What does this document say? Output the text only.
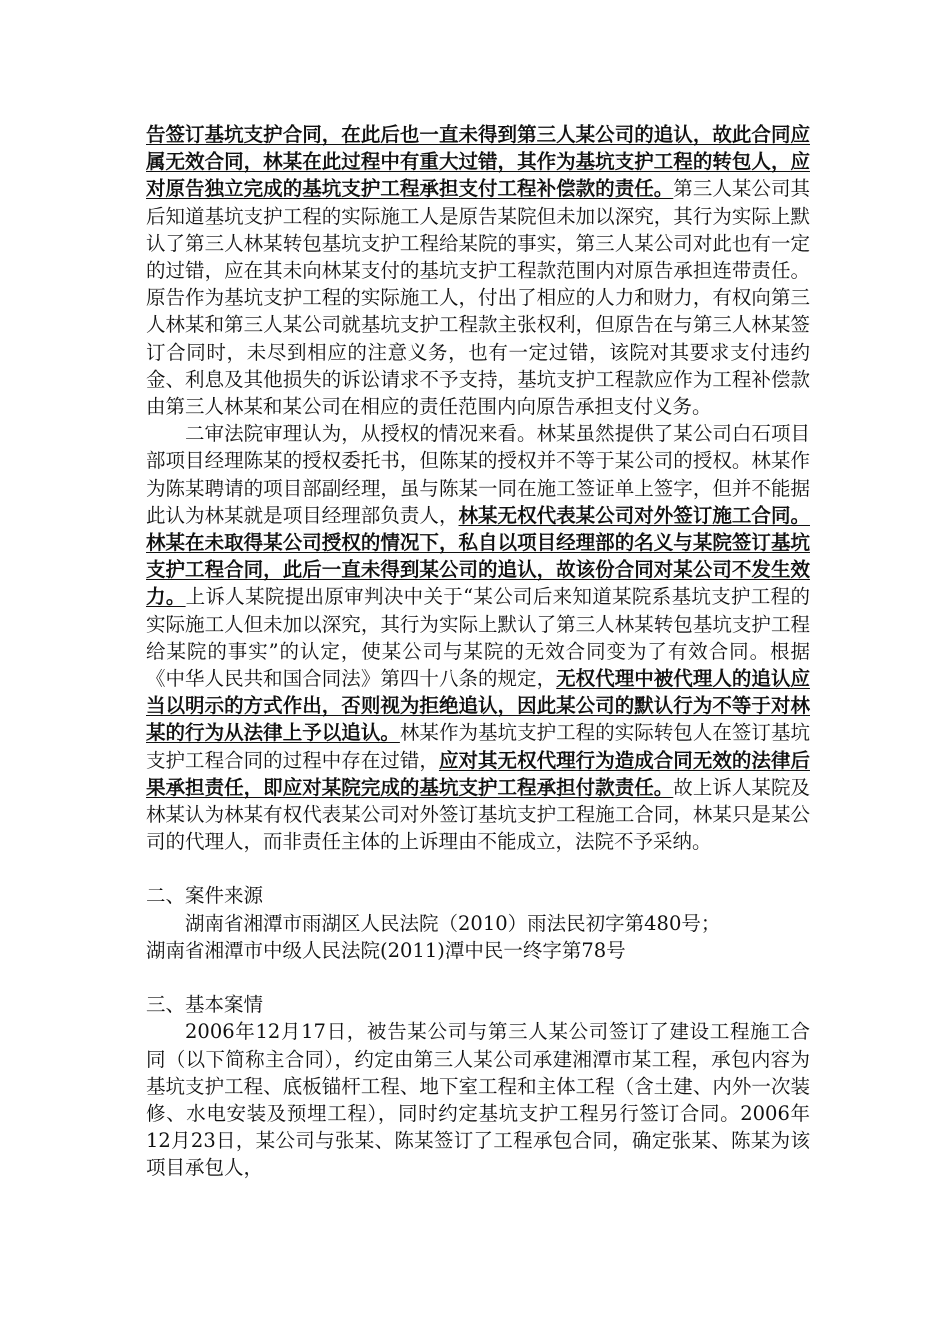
告签订基坑支护合同，在此后也一直未得到第三人某公司的追认，故此合同应属无效合同，林某在此过程中有重大过错，其作为基坑支护工程的转包人，应对原告独立完成的基坑支护工程承担支付工程补偿款的责任。第三人某公司其后知道基坑支护工程的实际施工人是原告某院但未加以深究，其行为实际上默认了第三人林某转包基坑支护工程给某院的事实，第三人某公司对此也有一定的过错，应在其未向林某支付的基坑支护工程款范围内对原告承担连带责任。原告作为基坑支护工程的实际施工人，付出了相应的人力和财力，有权向第三人林某和第三人某公司就基坑支护工程款主张权利，但原告在与第三人林某签订合同时，未尽到相应的注意义务，也有一定过错，该院对其要求支付违约金、利息及其他损失的诉讼请求不予支持，基坑支护工程款应作为工程补偿款由第三人林某和某公司在相应的责任范围内向原告承担支付义务。

二审法院审理认为，从授权的情况来看。林某虽然提供了某公司白石项目部项目经理陈某的授权委托书，但陈某的授权并不等于某公司的授权。林某作为陈某聘请的项目部副经理，虽与陈某一同在施工签证单上签字，但并不能据此认为林某就是项目经理部负责人，林某无权代表某公司对外签订施工合同。林某在未取得某公司授权的情况下，私自以项目经理部的名义与某院签订基坑支护工程合同，此后一直未得到某公司的追认，故该份合同对某公司不发生效力。上诉人某院提出原审判决中关于“某公司后来知道某院系基坑支护工程的实际施工人但未加以深究，其行为实际上默认了第三人林某转包基坑支护工程给某院的事实”的认定，使某公司与某院的无效合同变为了有效合同。根据《中华人民共和国合同法》第四十八条的规定，无权代理中被代理人的追认应当以明示的方式作出，否则视为拒绝追认，因此某公司的默认行为不等于对林某的行为从法律上予以追认。林某作为基坑支护工程的实际转包人在签订基坑支护工程合同的过程中存在过错，应对其无权代理行为造成合同无效的法律后果承担责任，即应对某院完成的基坑支护工程承担付款责任。故上诉人某院及林某认为林某有权代表某公司对外签订基坑支护工程施工合同，林某只是某公司的代理人，而非责任主体的上诉理由不能成立，法院不予采纳。

二、案件来源

湖南省湘潭市雨湖区人民法院（2010）雨法民初字第480号；

湖南省湘潭市中级人民法院(2011)潭中民一终字第78号

三、基本案情

2006年12月17日，被告某公司与第三人某公司签订了建设工程施工合同（以下简称主合同），约定由第三人某公司承建湘潭市某工程，承包内容为基坑支护工程、底板锚杆工程、地下室工程和主体工程（含土建、内外一次装修、水电安装及预埋工程），同时约定基坑支护工程另行签订合同。2006年12月23日，某公司与张某、陈某签订了工程承包合同，确定张某、陈某为该项目承包人，
